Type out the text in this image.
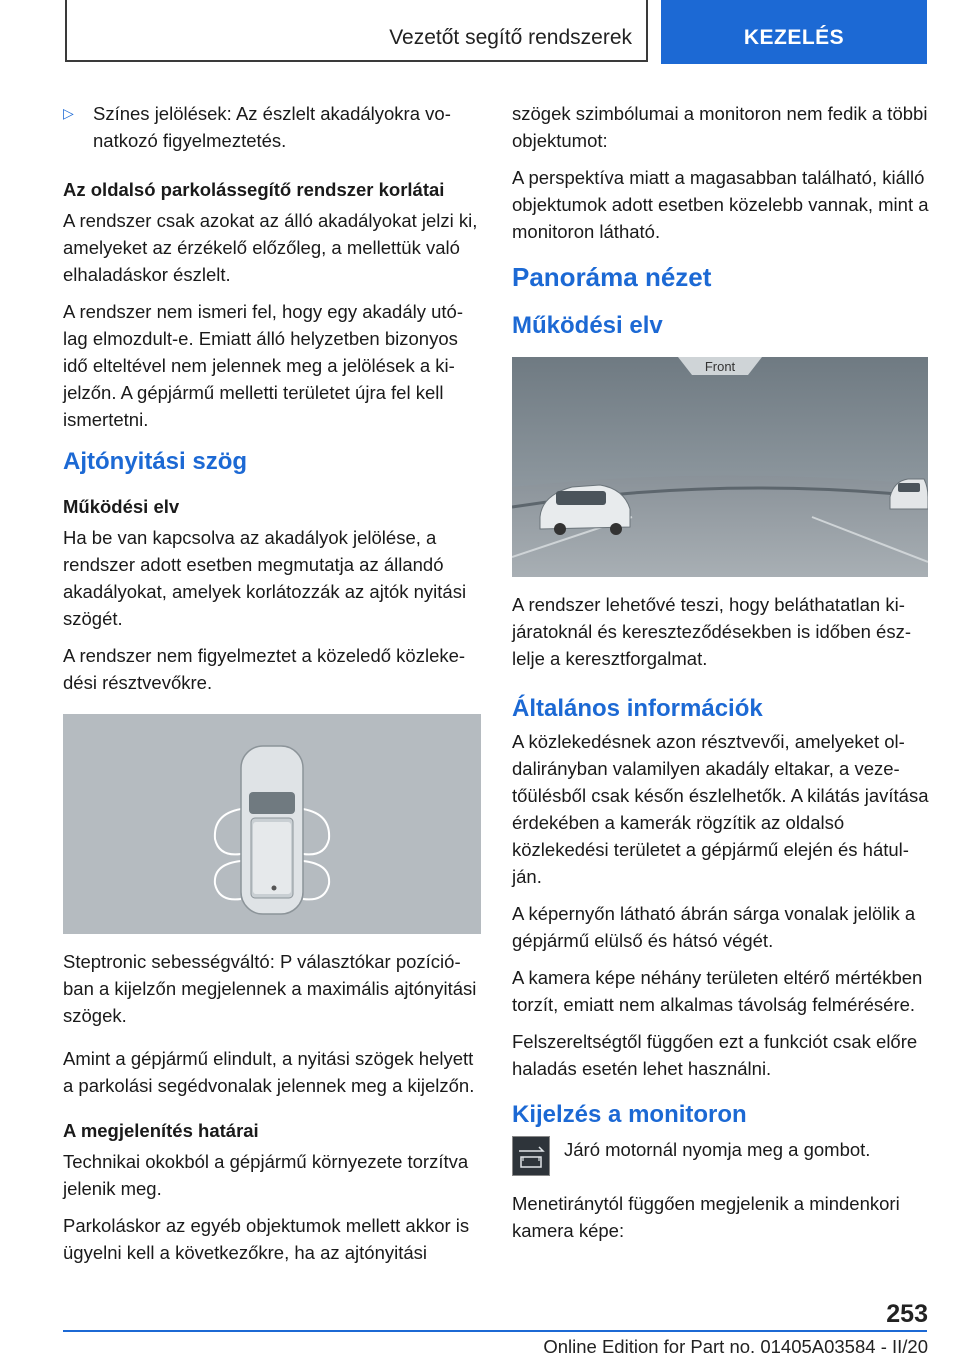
Vezetőt segítő rendszerek	KEZELÉS

▷ Színes jelölések: Az észlelt akadályokra vonatkozó figyelmeztetés.

Az oldalsó parkolássegítő rendszer korlátai

A rendszer csak azokat az álló akadályokat jelzi ki, amelyeket az érzékelő előzőleg, a mellettük való elhaladáskor észlelt.

A rendszer nem ismeri fel, hogy egy akadály utólag elmozdult-e. Emiatt álló helyzetben bizonyos idő elteltével nem jelennek meg a jelölések a kijelzőn. A gépjármű melletti területet újra fel kell ismertetni.

Ajtónyitási szög

Működési elv

Ha be van kapcsolva az akadályok jelölése, a rendszer adott esetben megmutatja az állandó akadályokat, amelyek korlátozzák az ajtók nyitási szögét.

A rendszer nem figyelmeztet a közeledő közlekedési résztvevőkre.

Steptronic sebességváltó: P választókar pozícióban a kijelzőn megjelennek a maximális ajtónyitási szögek.

Amint a gépjármű elindult, a nyitási szögek helyett a parkolási segédvonalak jelennek meg a kijelzőn.

A megjelenítés határai

Technikai okokból a gépjármű környezete torzítva jelenik meg.

Parkoláskor az egyéb objektumok mellett akkor is ügyelni kell a következőkre, ha az ajtónyitási

szögek szimbólumai a monitoron nem fedik a többi objektumot:

A perspektíva miatt a magasabban található, kiálló objektumok adott esetben közelebb vannak, mint a monitoron látható.

Panoráma nézet
Működési elv
Front

A rendszer lehetővé teszi, hogy beláthatatlan kijáratoknál és kereszteződésekben is időben észlelje a keresztforgalmat.

Általános információk

A közlekedésnek azon résztvevői, amelyeket oldalirányban valamilyen akadály eltakar, a vezetőülésből csak későn észlelhetők. A kilátás javítása érdekében a kamerák rögzítik az oldalsó közlekedési területet a gépjármű elején és hátulján.

A képernyőn látható ábrán sárga vonalak jelölik a gépjármű elülső és hátsó végét.

A kamera képe néhány területen eltérő mértékben torzít, emiatt nem alkalmas távolság felmérésére.

Felszereltségtől függően ezt a funkciót csak előre haladás esetén lehet használni.

Kijelzés a monitoron
Járó motornál nyomja meg a gombot.

Menetiránytól függően megjelenik a mindenkori kamera képe:

253
Online Edition for Part no. 01405A03584 - II/20
